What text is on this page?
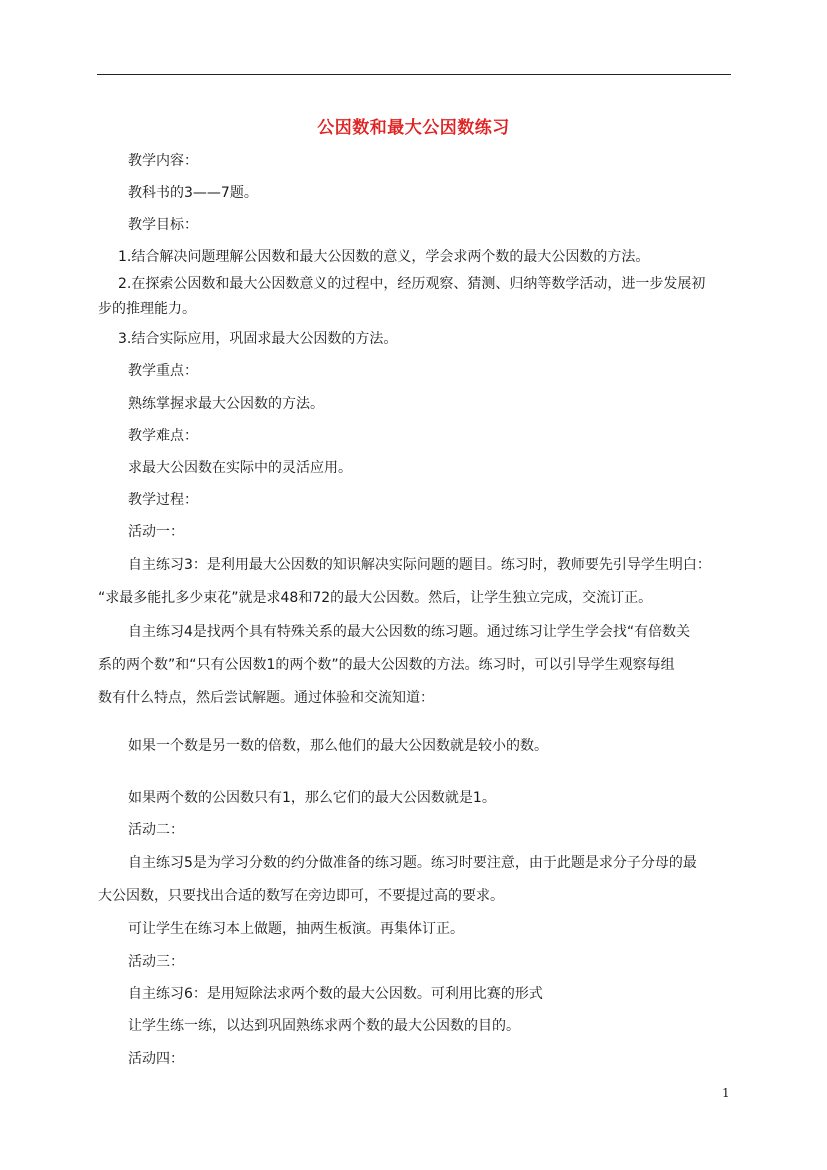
公因数和最大公因数练习
教学内容：
教科书的3——7题。
教学目标：
1.结合解决问题理解公因数和最大公因数的意义，学会求两个数的最大公因数的方法。
2.在探索公因数和最大公因数意义的过程中，经历观察、猜测、归纳等数学活动，进一步发展初
步的推理能力。
3.结合实际应用，巩固求最大公因数的方法。
教学重点：
熟练掌握求最大公因数的方法。
教学难点：
求最大公因数在实际中的灵活应用。
教学过程：
活动一：
自主练习3：是利用最大公因数的知识解决实际问题的题目。练习时，教师要先引导学生明白：
“求最多能扎多少束花”就是求48和72的最大公因数。然后，让学生独立完成，交流订正。
自主练习4是找两个具有特殊关系的最大公因数的练习题。通过练习让学生学会找“有倍数关
系的两个数”和“只有公因数1的两个数”的最大公因数的方法。练习时，可以引导学生观察每组
数有什么特点，然后尝试解题。通过体验和交流知道：
如果一个数是另一数的倍数，那么他们的最大公因数就是较小的数。
如果两个数的公因数只有1，那么它们的最大公因数就是1。
活动二：
自主练习5是为学习分数的约分做准备的练习题。练习时要注意，由于此题是求分子分母的最
大公因数，只要找出合适的数写在旁边即可，不要提过高的要求。
可让学生在练习本上做题，抽两生板演。再集体订正。
活动三：
自主练习6：是用短除法求两个数的最大公因数。可利用比赛的形式
让学生练一练，以达到巩固熟练求两个数的最大公因数的目的。
活动四：
1
